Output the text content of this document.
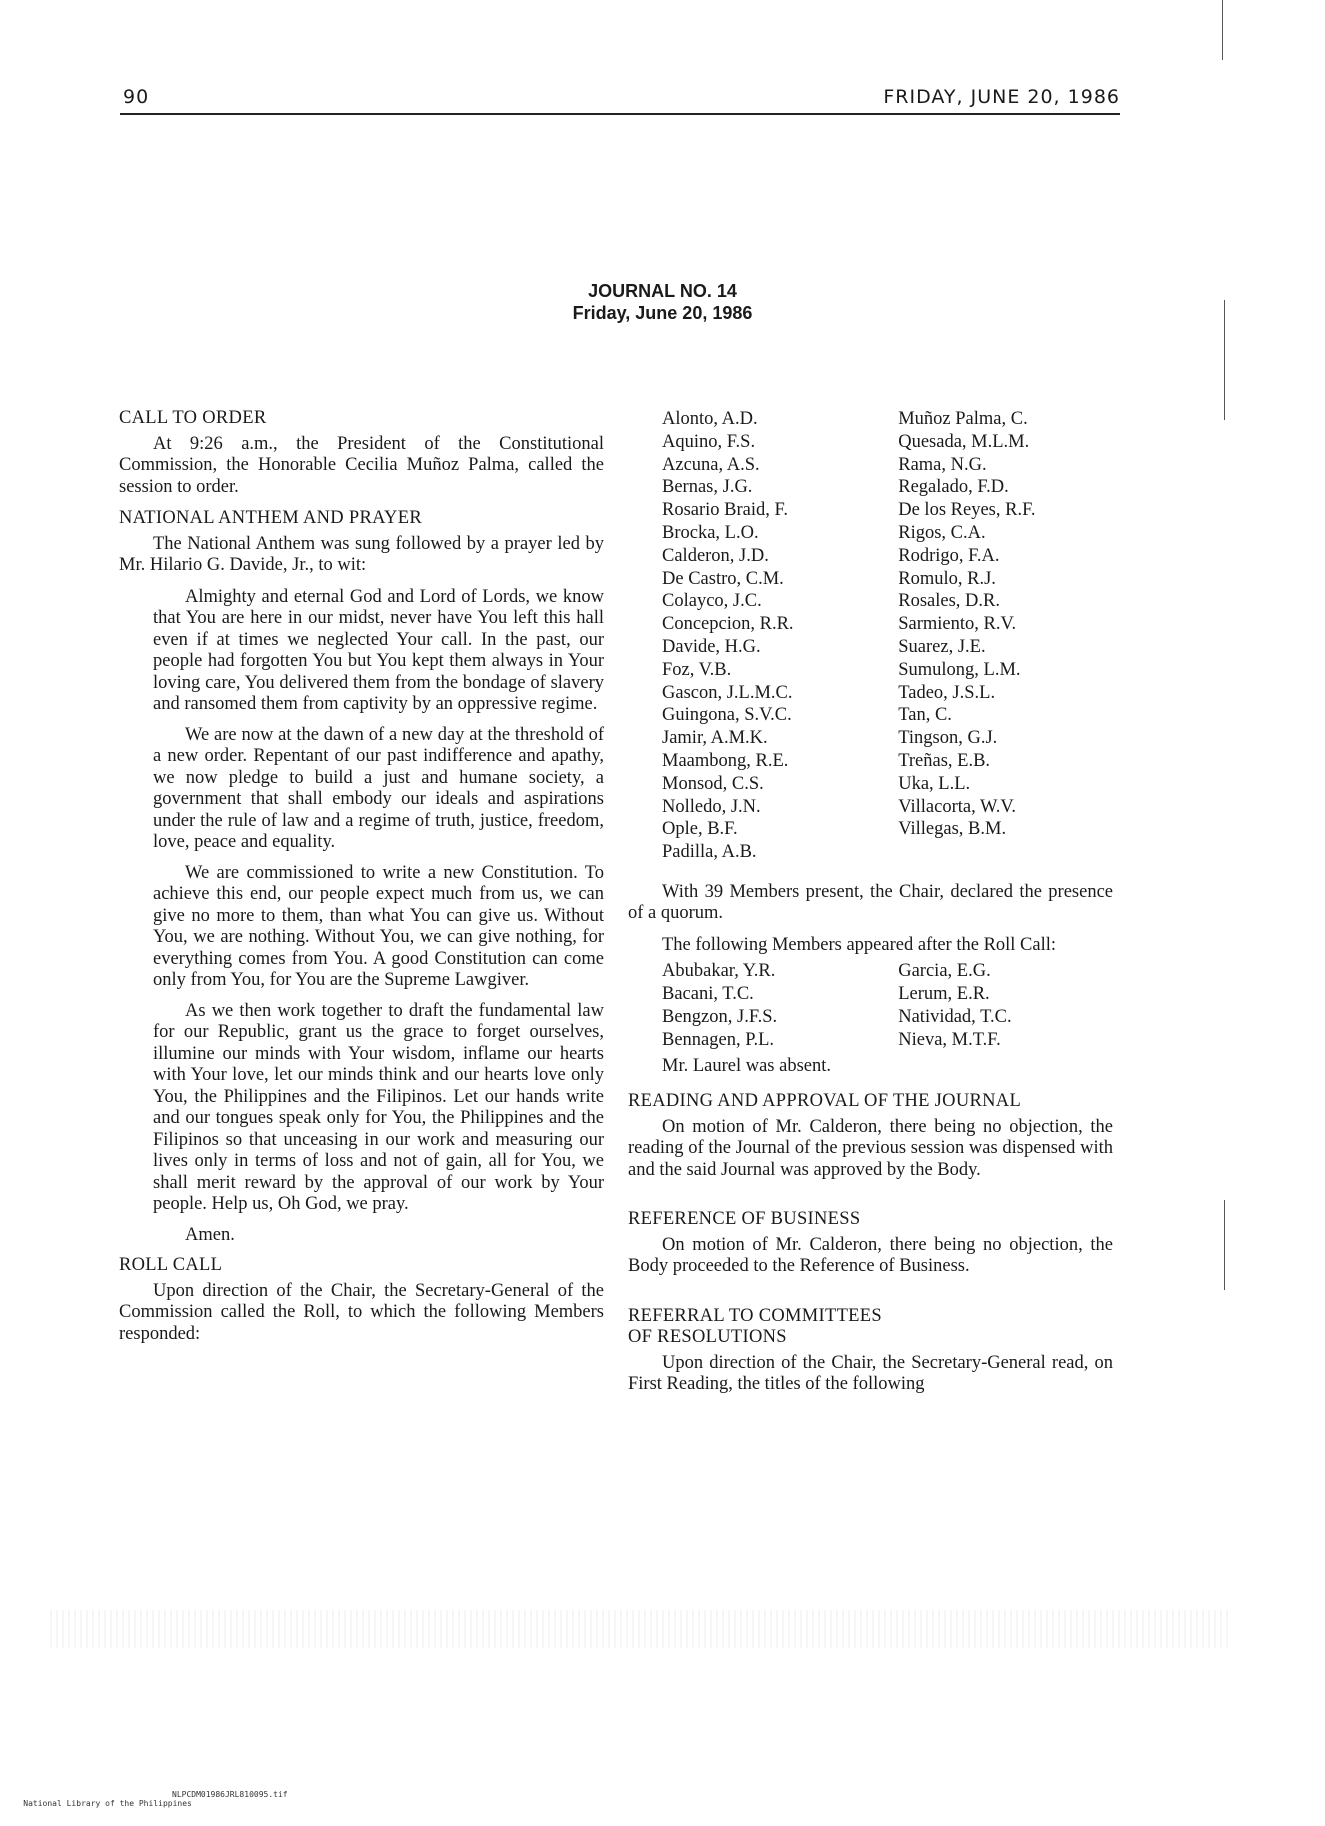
90	FRIDAY, JUNE 20, 1986
JOURNAL NO. 14
Friday, June 20, 1986
CALL TO ORDER

At 9:26 a.m., the President of the Constitutional Commission, the Honorable Cecilia Muñoz Palma, called the session to order.

NATIONAL ANTHEM AND PRAYER

The National Anthem was sung followed by a prayer led by Mr. Hilario G. Davide, Jr., to wit:

Almighty and eternal God and Lord of Lords, we know that You are here in our midst, never have You left this hall even if at times we neglected Your call. In the past, our people had forgotten You but You kept them always in Your loving care, You delivered them from the bondage of slavery and ransomed them from captivity by an oppressive regime.

We are now at the dawn of a new day at the threshold of a new order. Repentant of our past indifference and apathy, we now pledge to build a just and humane society, a government that shall embody our ideals and aspirations under the rule of law and a regime of truth, justice, freedom, love, peace and equality.

We are commissioned to write a new Constitution. To achieve this end, our people expect much from us, we can give no more to them, than what You can give us. Without You, we are nothing. Without You, we can give nothing, for everything comes from You. A good Constitution can come only from You, for You are the Supreme Lawgiver.

As we then work together to draft the fundamental law for our Republic, grant us the grace to forget ourselves, illumine our minds with Your wisdom, inflame our hearts with Your love, let our minds think and our hearts love only You, the Philippines and the Filipinos. Let our hands write and our tongues speak only for You, the Philippines and the Filipinos so that unceasing in our work and measuring our lives only in terms of loss and not of gain, all for You, we shall merit reward by the approval of our work by Your people. Help us, Oh God, we pray.

Amen.

ROLL CALL

Upon direction of the Chair, the Secretary-General of the Commission called the Roll, to which the following Members responded:

Alonto, A.D.
Aquino, F.S.
Azcuna, A.S.
Bernas, J.G.
Rosario Braid, F.
Brocka, L.O.
Calderon, J.D.
De Castro, C.M.
Colayco, J.C.
Concepcion, R.R.
Davide, H.G.
Foz, V.B.
Gascon, J.L.M.C.
Guingona, S.V.C.
Jamir, A.M.K.
Maambong, R.E.
Monsod, C.S.
Nolledo, J.N.
Ople, B.F.
Padilla, A.B.
Muñoz Palma, C.
Quesada, M.L.M.
Rama, N.G.
Regalado, F.D.
De los Reyes, R.F.
Rigos, C.A.
Rodrigo, F.A.
Romulo, R.J.
Rosales, D.R.
Sarmiento, R.V.
Suarez, J.E.
Sumulong, L.M.
Tadeo, J.S.L.
Tan, C.
Tingson, G.J.
Treñas, E.B.
Uka, L.L.
Villacorta, W.V.
Villegas, B.M.

With 39 Members present, the Chair, declared the presence of a quorum.

The following Members appeared after the Roll Call:

Abubakar, Y.R.
Bacani, T.C.
Bengzon, J.F.S.
Bennagen, P.L.
Garcia, E.G.
Lerum, E.R.
Natividad, T.C.
Nieva, M.T.F.

Mr. Laurel was absent.

READING AND APPROVAL OF THE JOURNAL

On motion of Mr. Calderon, there being no objection, the reading of the Journal of the previous session was dispensed with and the said Journal was approved by the Body.

REFERENCE OF BUSINESS

On motion of Mr. Calderon, there being no objection, the Body proceeded to the Reference of Business.

REFERRAL TO COMMITTEES
OF RESOLUTIONS

Upon direction of the Chair, the Secretary-General read, on First Reading, the titles of the following

National Library of the Philippines

NLPCDM01986JRL810095.tif
